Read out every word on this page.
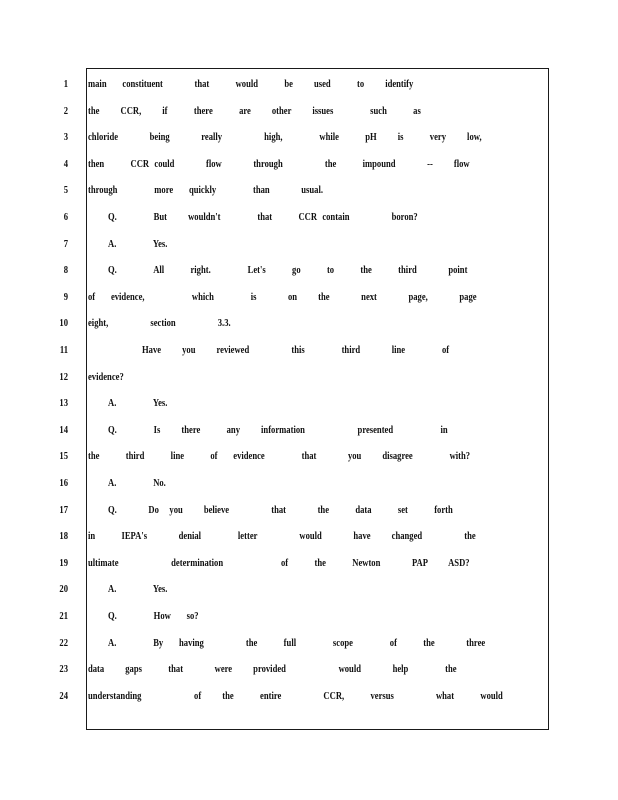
1 main   constituent      that     would     be    used     to    identify
2 the    CCR,    if     there     are    other    issues       such     as
3 chloride      being      really        high,       while     pH    is     very    low,
4 then     CCR could      flow      through        the     impound      --    flow
5 through       more   quickly       than      usual.
6	Q.       But    wouldn't       that     CCR contain        boron?
7	A.       Yes.
8	Q.       All     right.       Let's     go     to     the     third      point
9 of   evidence,         which       is      on    the      next      page,      page
10 eight,        section        3.3.
11	Have    you    reviewed        this       third      line       of
12 evidence?
13	A.       Yes.
14	Q.       Is    there     any    information          presented         in
15 the     third     line     of   evidence       that      you    disagree       with?
16	A.       No.
17	Q.      Do  you    believe        that      the     data     set     forth
18 in     IEPA's      denial       letter        would      have    changed        the
19 ultimate          determination           of     the     Newton      PAP    ASD?
20	A.       Yes.
21	Q.       How   so?
22	A.       By   having        the     full       scope       of     the      three
23 data    gaps     that      were    provided          would      help       the
24 understanding          of    the     entire        CCR,     versus        what     would
